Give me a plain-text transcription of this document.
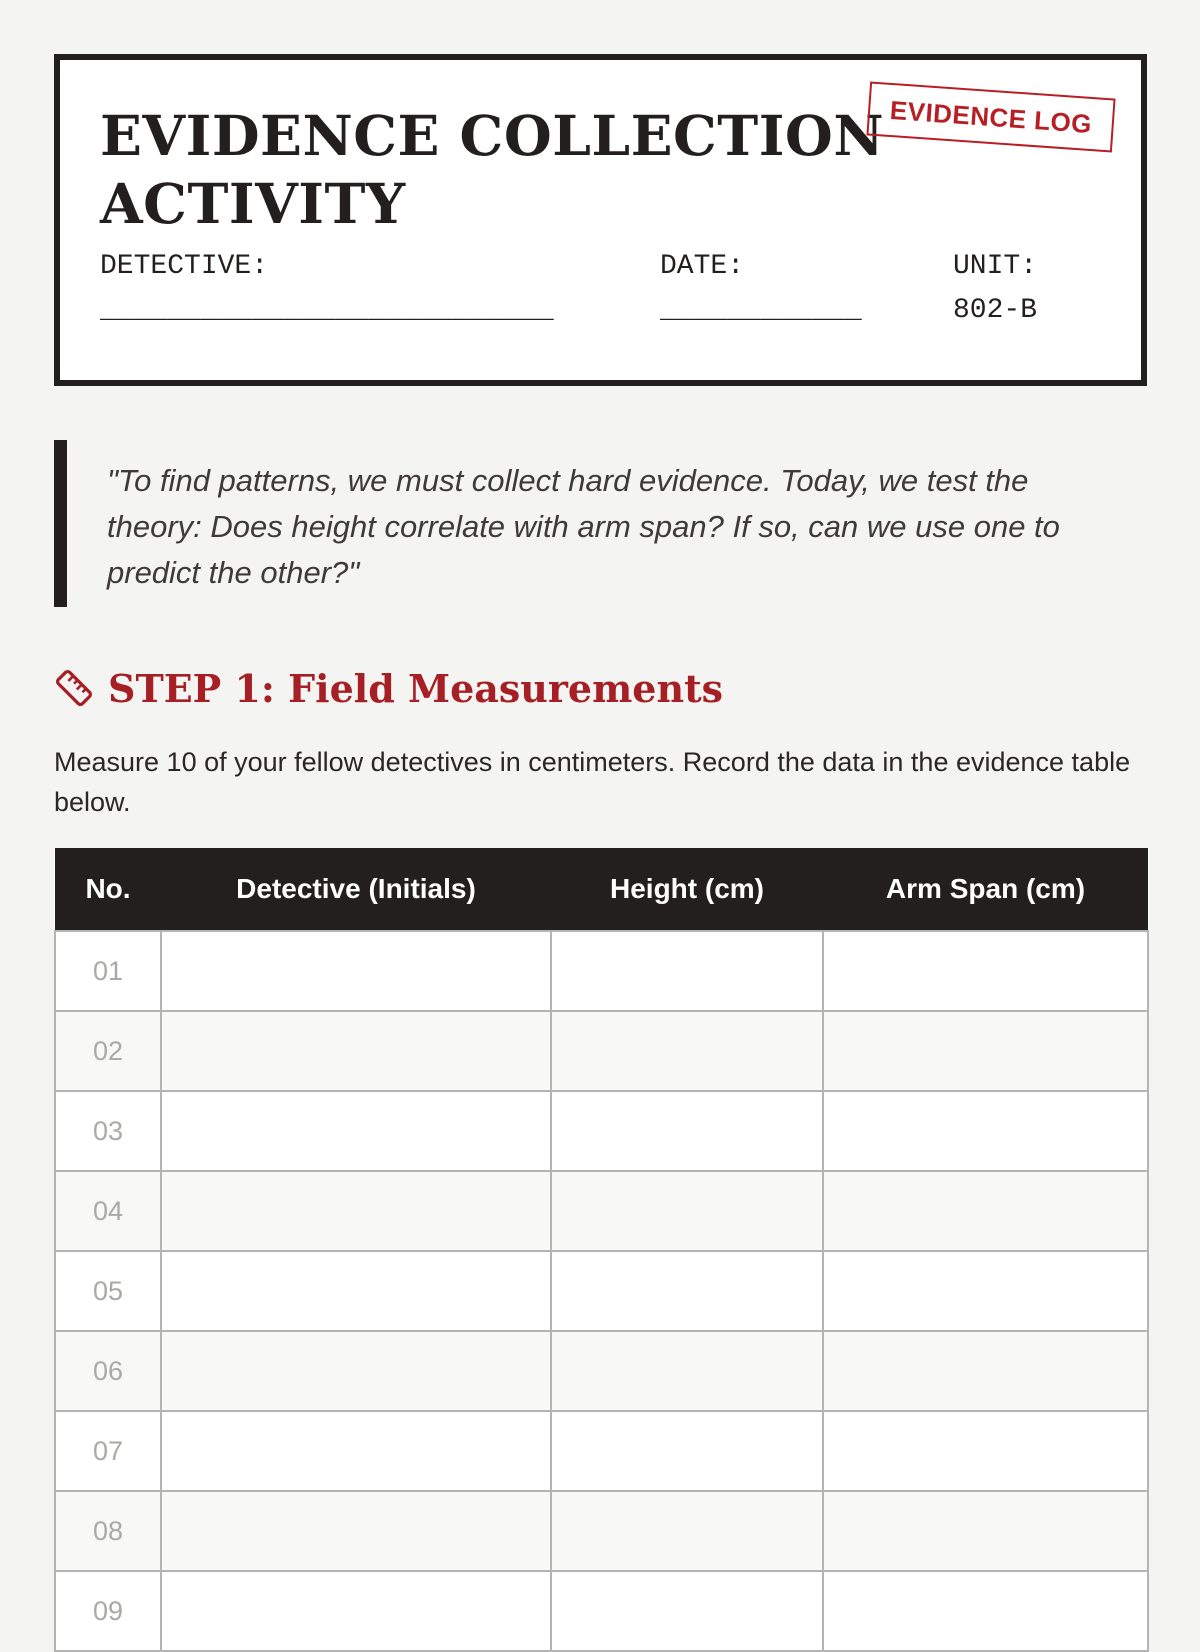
EVIDENCE COLLECTION
ACTIVITY
EVIDENCE LOG
DETECTIVE:
___________________________
DATE:
____________
UNIT:
802-B
"To find patterns, we must collect hard evidence. Today, we test the theory: Does height correlate with arm span? If so, can we use one to predict the other?"
STEP 1: Field Measurements

Measure 10 of your fellow detectives in centimeters. Record the data in the evidence table below.

No.	Detective (Initials)	Height (cm)	Arm Span (cm)
01			
02			
03			
04			
05			
06			
07			
08			
09			
